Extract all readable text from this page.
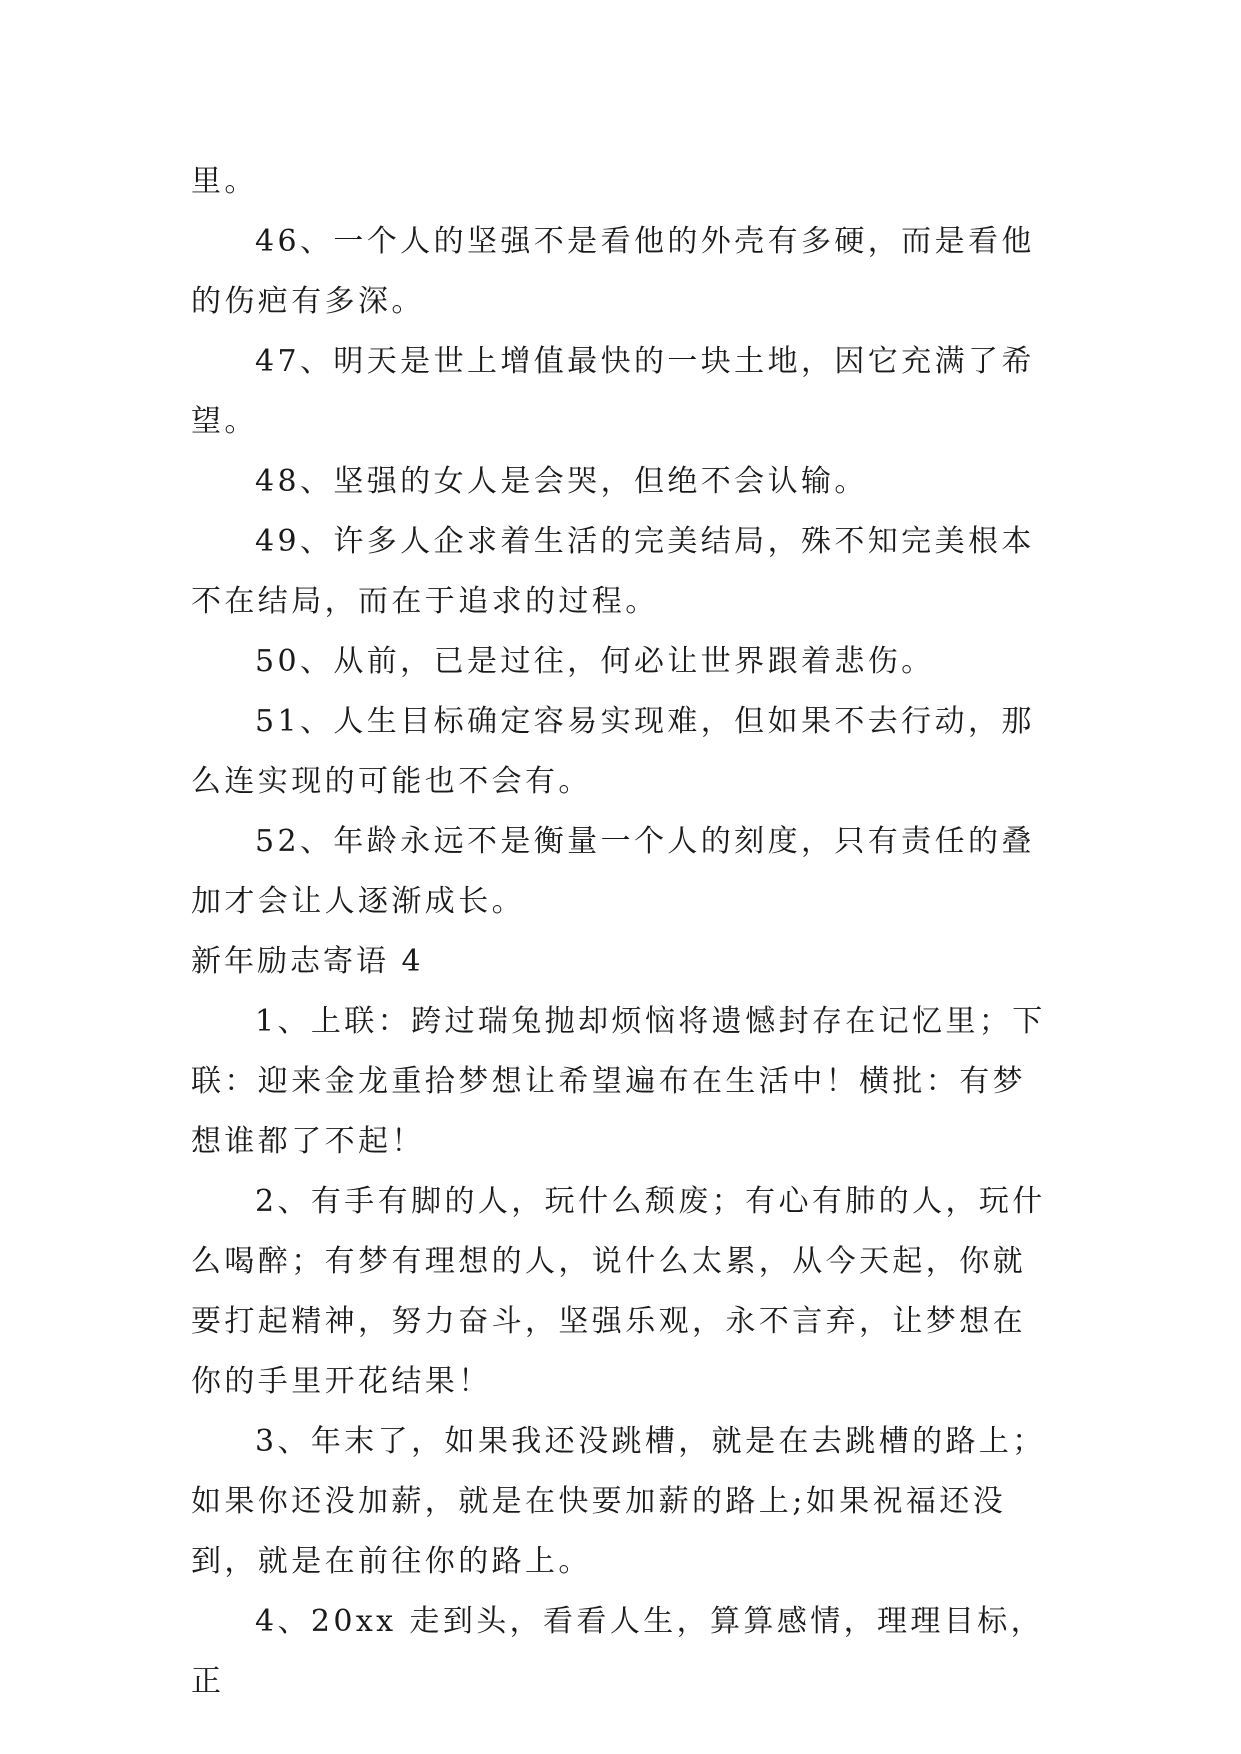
里。

46、一个人的坚强不是看他的外壳有多硬，而是看他的伤疤有多深。

47、明天是世上增值最快的一块土地，因它充满了希望。

48、坚强的女人是会哭，但绝不会认输。

49、许多人企求着生活的完美结局，殊不知完美根本不在结局，而在于追求的过程。

50、从前，已是过往，何必让世界跟着悲伤。

51、人生目标确定容易实现难，但如果不去行动，那么连实现的可能也不会有。

52、年龄永远不是衡量一个人的刻度，只有责任的叠加才会让人逐渐成长。

新年励志寄语 4

1、上联：跨过瑞兔抛却烦恼将遗憾封存在记忆里；下联：迎来金龙重拾梦想让希望遍布在生活中！横批：有梦想谁都了不起！

2、有手有脚的人，玩什么颓废；有心有肺的人，玩什么喝醉；有梦有理想的人，说什么太累，从今天起，你就要打起精神，努力奋斗，坚强乐观，永不言弃，让梦想在你的手里开花结果！

3、年末了，如果我还没跳槽，就是在去跳槽的路上；如果你还没加薪，就是在快要加薪的路上;如果祝福还没到，就是在前往你的路上。

4、20xx 走到头，看看人生，算算感情，理理目标，正
